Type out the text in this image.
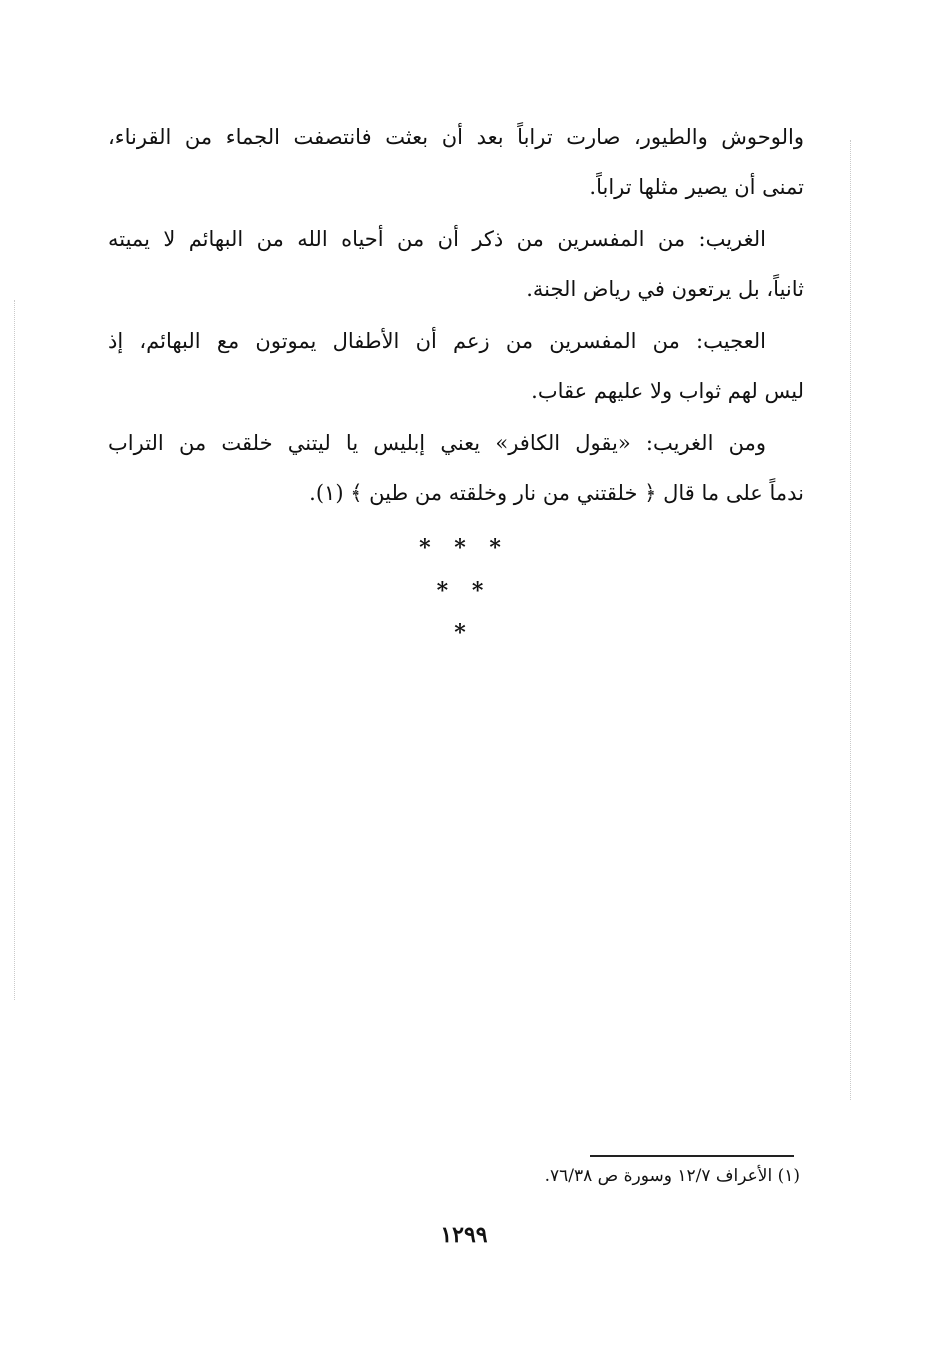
والوحوش والطيور، صارت تراباً بعد أن بعثت فانتصفت الجماء من القرناء،
تمنى أن يصير مثلها تراباً.

الغريب: من المفسرين من ذكر أن من أحياه الله من البهائم لا يميته
ثانياً، بل يرتعون في رياض الجنة.

العجيب: من المفسرين من زعم أن الأطفال يموتون مع البهائم، إذ
ليس لهم ثواب ولا عليهم عقاب.

ومن الغريب: «يقول الكافر» يعني إبليس يا ليتني خلقت من التراب
ندماً على ما قال ﴿ خلقتني من نار وخلقته من طين ﴾ (١).

* * *
* *
*
(١) الأعراف ١٢/٧ وسورة ص ٧٦/٣٨.
١٢٩٩
